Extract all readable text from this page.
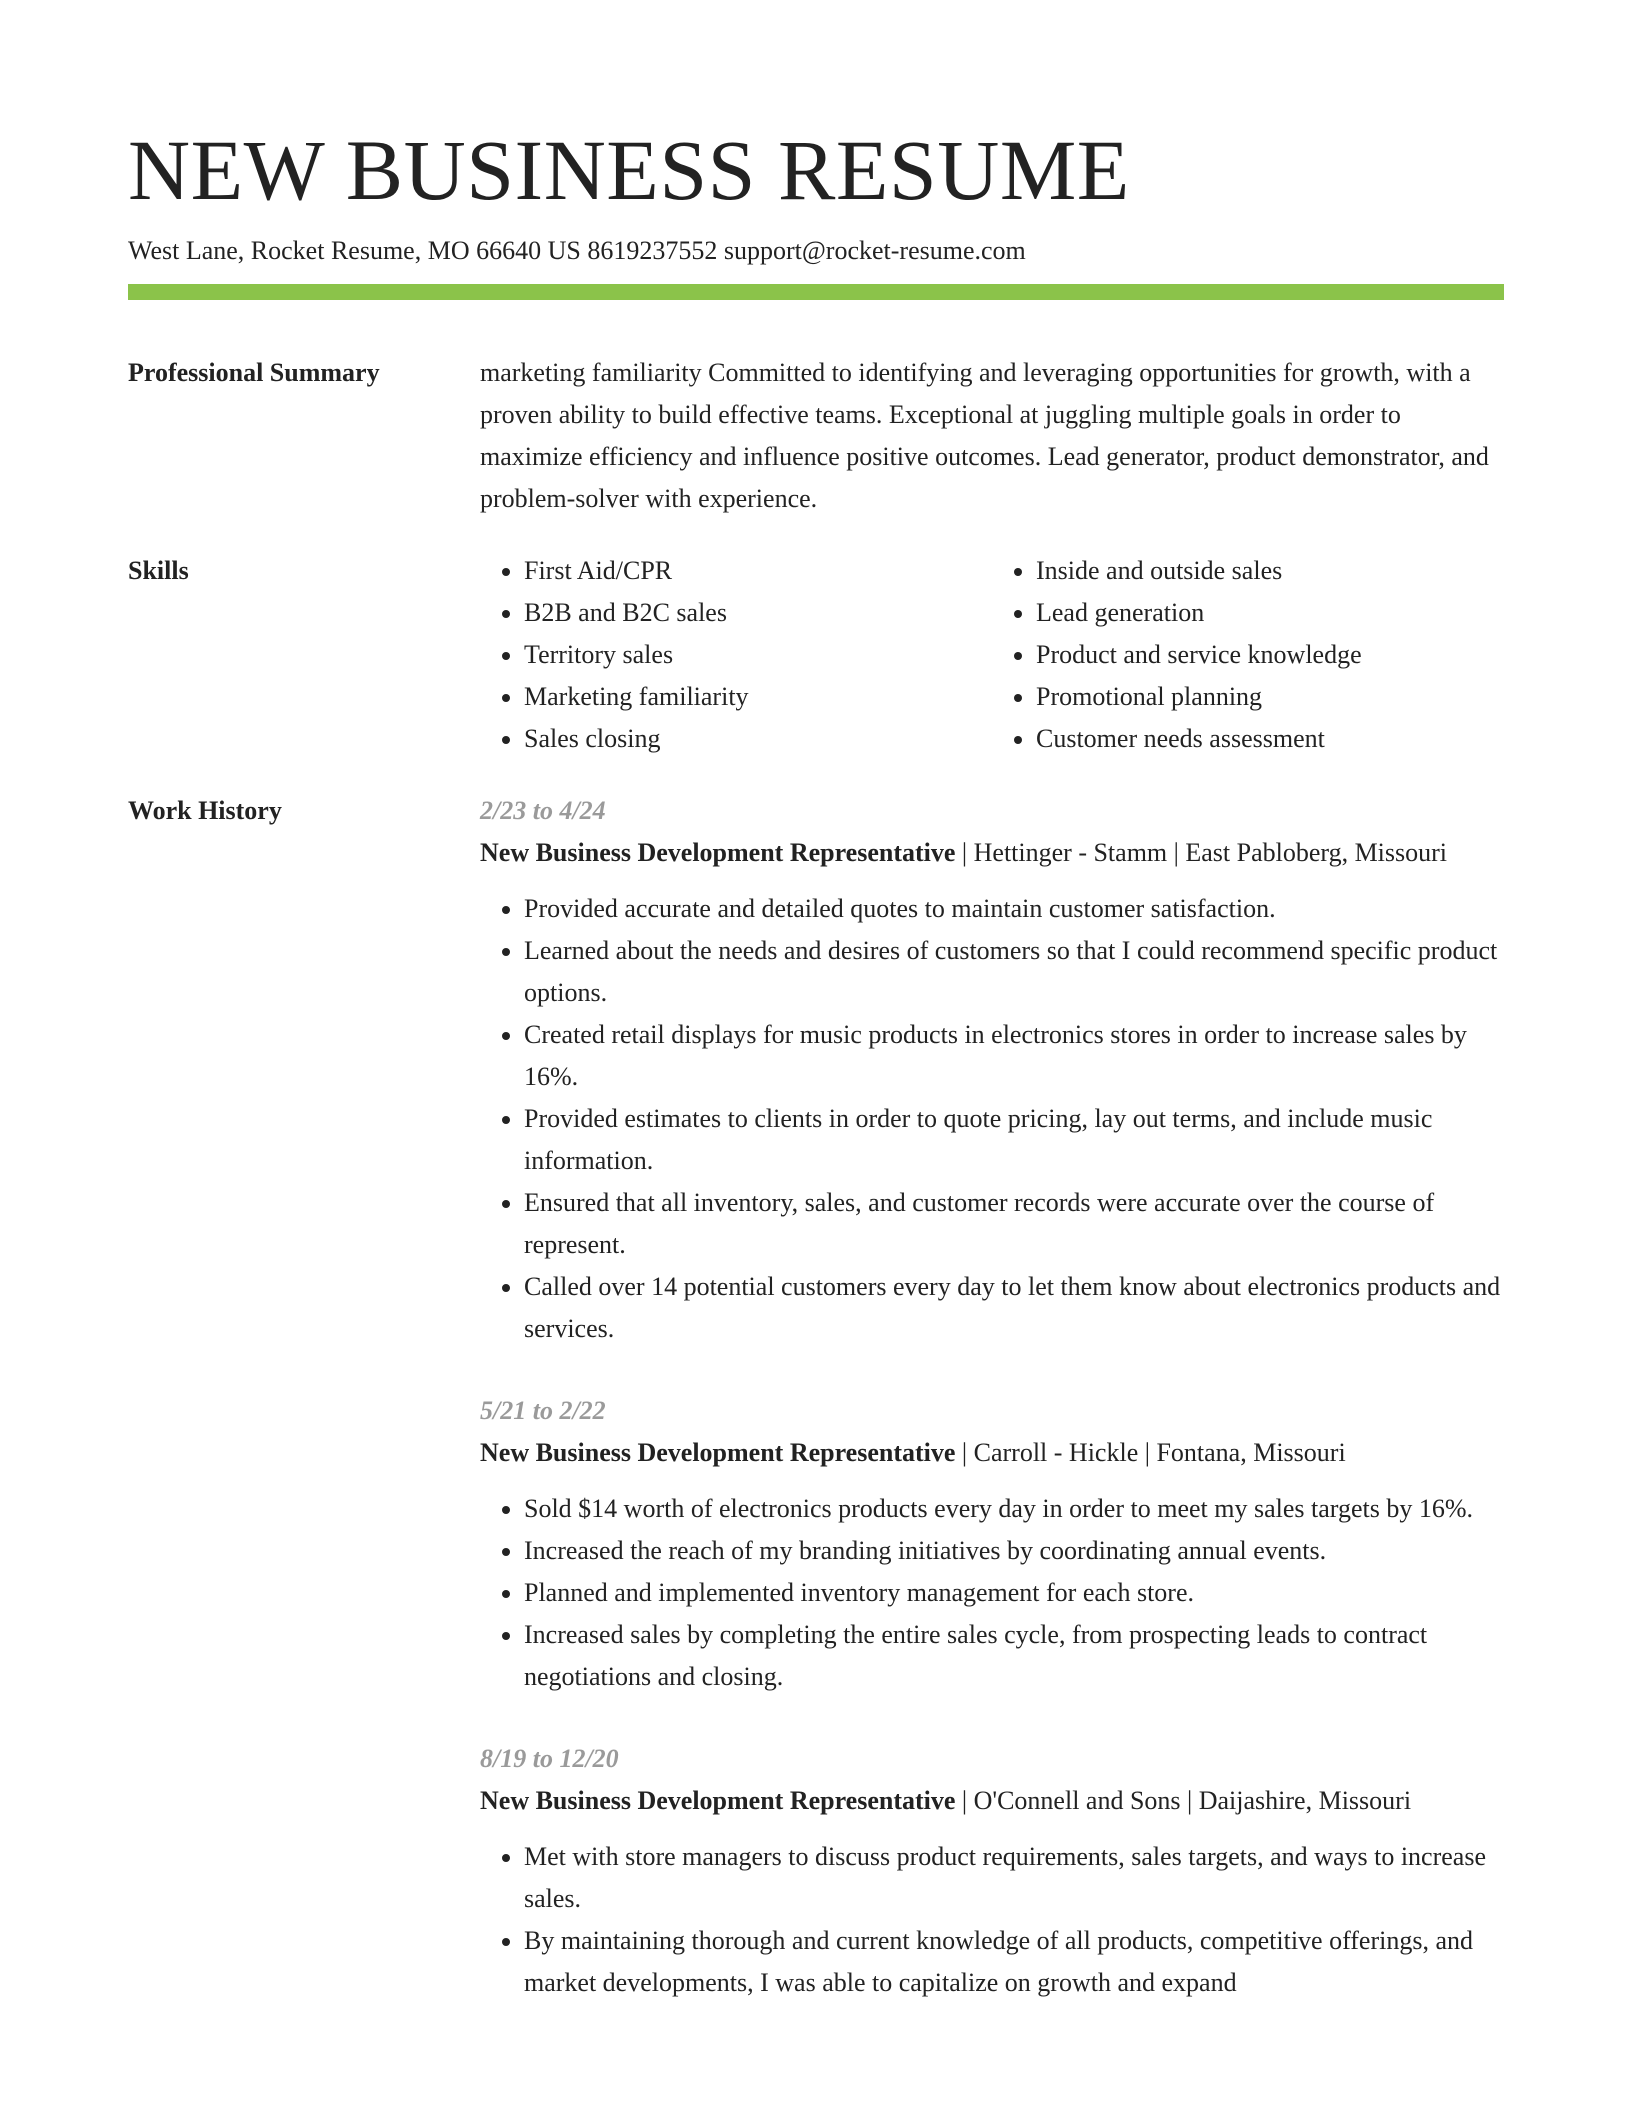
NEW BUSINESS RESUME
West Lane, Rocket Resume, MO 66640 US 8619237552 support@rocket-resume.com
Professional Summary	marketing familiarity Committed to identifying and leveraging opportunities for growth, with a proven ability to build effective teams. Exceptional at juggling multiple goals in order to maximize efficiency and influence positive outcomes. Lead generator, product demonstrator, and problem-solver with experience.

Skills
•	First Aid/CPR
• B2B and B2C sales
• Territory sales
• Marketing familiarity
• Sales closing
• Inside and outside sales
• Lead generation
• Product and service knowledge
• Promotional planning
• Customer needs assessment
Work History	2/23 to 4/24
New Business Development Representative | Hettinger - Stamm | East Pabloberg, Missouri
• Provided accurate and detailed quotes to maintain customer satisfaction.
• Learned about the needs and desires of customers so that I could recommend specific product options.
• Created retail displays for music products in electronics stores in order to increase sales by 16%.
• Provided estimates to clients in order to quote pricing, lay out terms, and include music information.
• Ensured that all inventory, sales, and customer records were accurate over the course of represent.
• Called over 14 potential customers every day to let them know about electronics products and services.
5/21 to 2/22
New Business Development Representative | Carroll - Hickle | Fontana, Missouri
• Sold $14 worth of electronics products every day in order to meet my sales targets by 16%.
• Increased the reach of my branding initiatives by coordinating annual events.
• Planned and implemented inventory management for each store.
• Increased sales by completing the entire sales cycle, from prospecting leads to contract negotiations and closing.
8/19 to 12/20
New Business Development Representative | O'Connell and Sons | Daijashire, Missouri
• Met with store managers to discuss product requirements, sales targets, and ways to increase sales.
• By maintaining thorough and current knowledge of all products, competitive offerings, and market developments, I was able to capitalize on growth and expand
